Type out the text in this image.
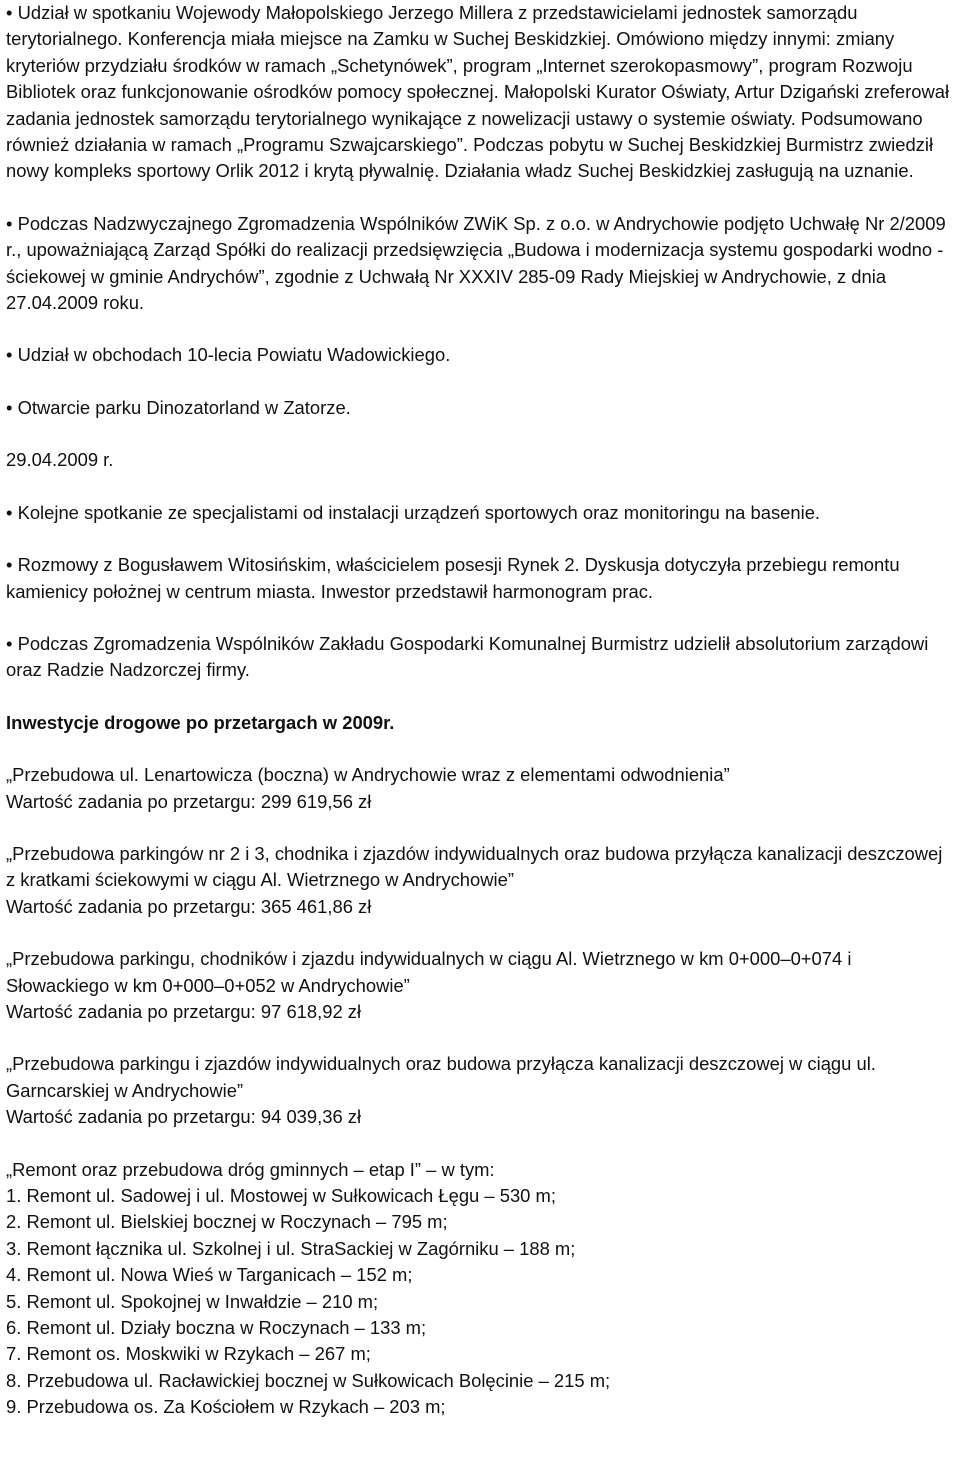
• Udział w spotkaniu Wojewody Małopolskiego Jerzego Millera z przedstawicielami jednostek samorządu terytorialnego. Konferencja miała miejsce na Zamku w Suchej Beskidzkiej. Omówiono między innymi: zmiany kryteriów przydziału środków w ramach „Schetynówek”, program „Internet szerokopasmowy”, program Rozwoju Bibliotek oraz funkcjonowanie ośrodków pomocy społecznej. Małopolski Kurator Oświaty, Artur Dzigański zreferował zadania jednostek samorządu terytorialnego wynikające z nowelizacji ustawy o systemie oświaty. Podsumowano również działania w ramach „Programu Szwajcarskiego”. Podczas pobytu w Suchej Beskidzkiej Burmistrz zwiedził nowy kompleks sportowy Orlik 2012 i krytą pływalnię. Działania władz Suchej Beskidzkiej zasługują na uznanie.

• Podczas Nadzwyczajnego Zgromadzenia Wspólników ZWiK Sp. z o.o. w Andrychowie podjęto Uchwałę Nr 2/2009 r., upoważniającą Zarząd Spółki do realizacji przedsięwzięcia „Budowa i modernizacja systemu gospodarki wodno - ściekowej w gminie Andrychów”, zgodnie z Uchwałą Nr XXXIV 285-09 Rady Miejskiej w Andrychowie, z dnia 27.04.2009 roku.

• Udział w obchodach 10-lecia Powiatu Wadowickiego.

• Otwarcie parku Dinozatorland w Zatorze.

29.04.2009 r.

• Kolejne spotkanie ze specjalistami od instalacji urządzeń sportowych oraz monitoringu na basenie.

• Rozmowy z Bogusławem Witosińskim, właścicielem posesji Rynek 2. Dyskusja dotyczyła przebiegu remontu kamienicy położnej w centrum miasta. Inwestor przedstawił harmonogram prac.

• Podczas Zgromadzenia Wspólników Zakładu Gospodarki Komunalnej Burmistrz udzielił absolutorium zarządowi oraz Radzie Nadzorczej firmy.

Inwestycje drogowe po przetargach w 2009r.

„Przebudowa ul. Lenartowicza (boczna) w Andrychowie wraz z elementami odwodnienia”

Wartość zadania po przetargu: 299 619,56 zł

„Przebudowa parkingów nr 2 i 3, chodnika i zjazdów indywidualnych oraz budowa przyłącza kanalizacji deszczowej z kratkami ściekowymi w ciągu Al. Wietrznego w Andrychowie”

Wartość zadania po przetargu: 365 461,86 zł

„Przebudowa parkingu, chodników i zjazdu indywidualnych w ciągu Al. Wietrznego w km 0+000–0+074 i Słowackiego w km 0+000–0+052 w Andrychowie”

Wartość zadania po przetargu: 97 618,92 zł

„Przebudowa parkingu i zjazdów indywidualnych oraz budowa przyłącza kanalizacji deszczowej w ciągu ul. Garncarskiej w Andrychowie”

Wartość zadania po przetargu: 94 039,36 zł

„Remont oraz przebudowa dróg gminnych – etap I” – w tym:

1. Remont ul. Sadowej i ul. Mostowej w Sułkowicach Łęgu – 530 m;

2. Remont ul. Bielskiej bocznej w Roczynach – 795 m;

3. Remont łącznika ul. Szkolnej i ul. StraSackiej w Zagórniku – 188 m;

4. Remont ul. Nowa Wieś w Targanicach – 152 m;

5. Remont ul. Spokojnej w Inwałdzie – 210 m;

6. Remont ul. Działy boczna w Roczynach – 133 m;

7. Remont os. Moskwiki w Rzykach – 267 m;

8. Przebudowa ul. Racławickiej bocznej w Sułkowicach Bolęcinie – 215 m;

9. Przebudowa os. Za Kościołem w Rzykach – 203 m;
